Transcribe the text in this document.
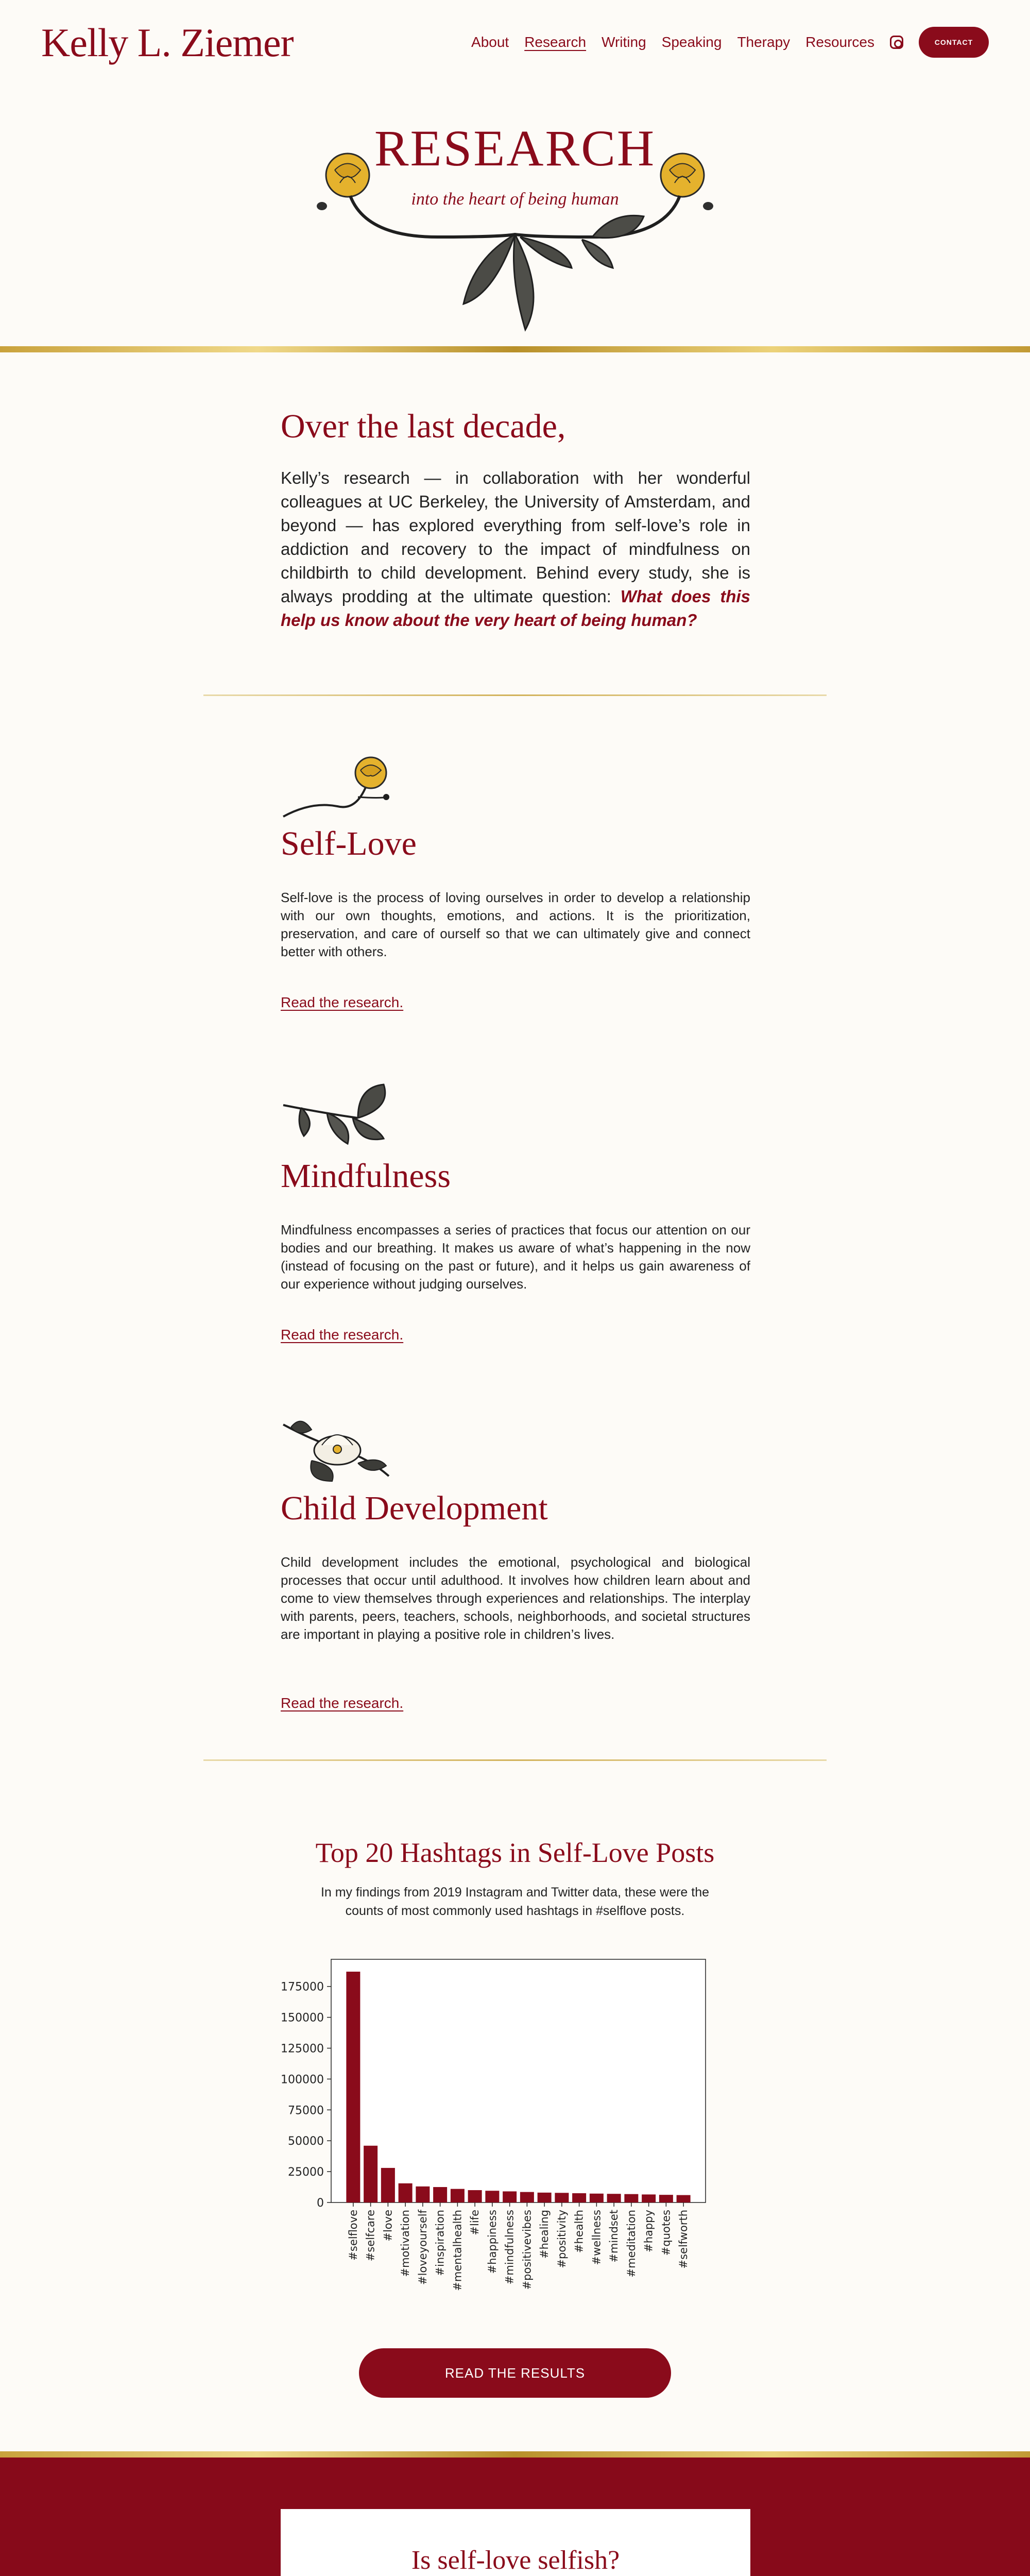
Kelly L. Ziemer	About Research Writing Speaking Therapy Resources	CONTACT
RESEARCH
into the heart of being human
Over the last decade,
Kelly’s research — in collaboration with her wonderful colleagues at UC Berkeley, the University of Amsterdam, and beyond — has explored everything from self-love’s role in addiction and recovery to the impact of mindfulness on childbirth to child development. Behind every study, she is always prodding at the ultimate question: What does this help us know about the very heart of being human?
Self-Love

Self-love is the process of loving ourselves in order to develop a relationship with our own thoughts, emotions, and actions. It is the prioritization, preservation, and care of ourself so that we can ultimately give and connect better with others.

Read the research.
Mindfulness

Mindfulness encompasses a series of practices that focus our attention on our bodies and our breathing. It makes us aware of what’s happening in the now (instead of focusing on the past or future), and it helps us gain awareness of our experience without judging ourselves.

Read the research.
Child Development

Child development includes the emotional, psychological and biological processes that occur until adulthood. It involves how children learn about and come to view themselves through experiences and relationships. The interplay with parents, peers, teachers, schools, neighborhoods, and societal structures are important in playing a positive role in children’s lives.

Read the research.
Top 20 Hashtags in Self-Love Posts
In my findings from 2019 Instagram and Twitter data, these were the counts of most commonly used hashtags in #selflove posts.
0
25000
50000
75000
100000
125000
150000
175000
#selflove #selfcare #love #motivation #loveyourself #inspiration #mentalhealth #life #happiness #mindfulness #positivevibes #healing #positivity #health #wellness #mindset #meditation #happy #quotes #selfworth
READ THE RESULTS
Is self-love selfish?
